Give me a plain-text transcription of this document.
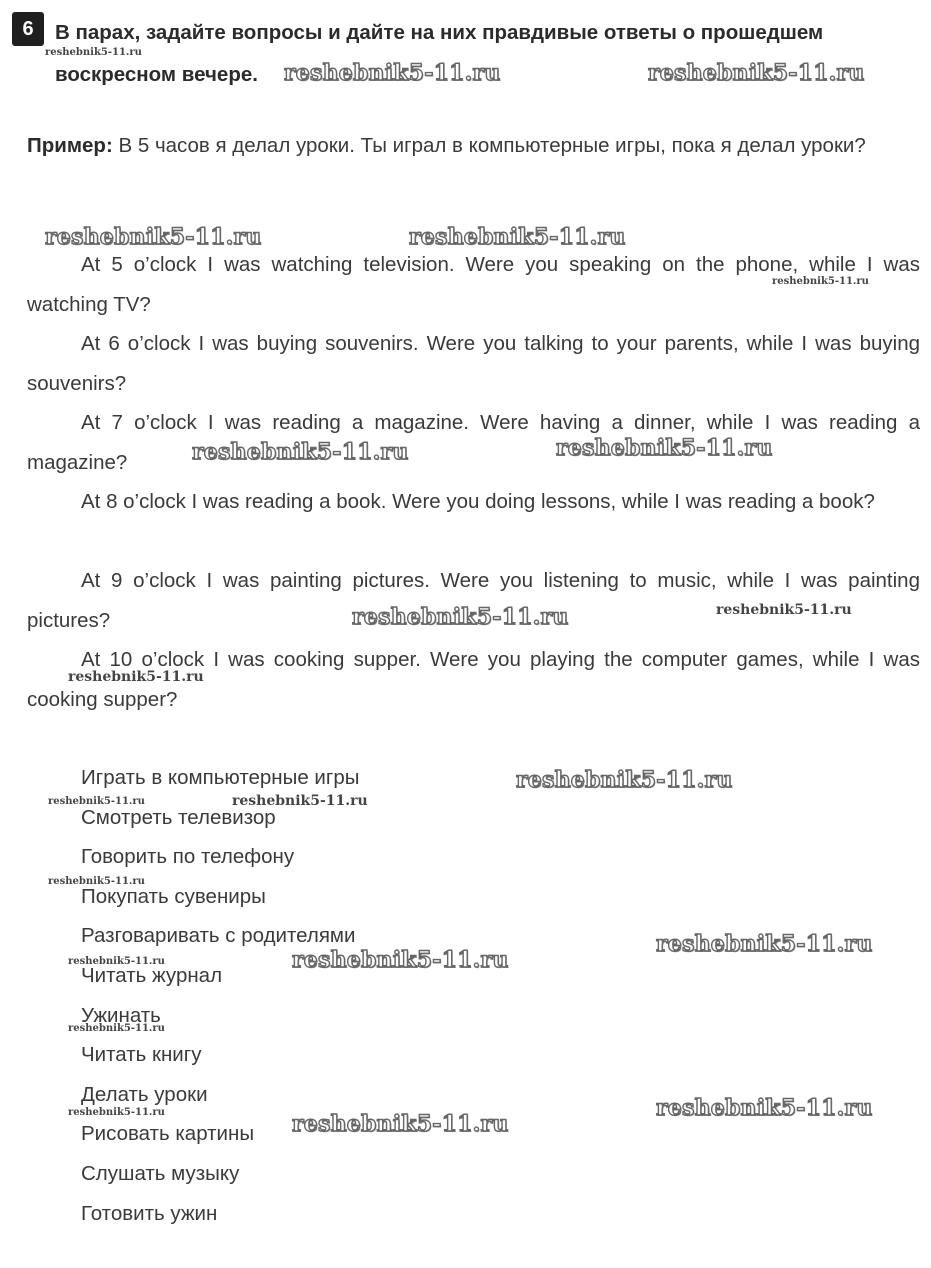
6	В парах, задайте вопросы и дайте на них правдивые ответы о прошедшем воскресном вечере.
Пример: В 5 часов я делал уроки. Ты играл в компьютерные игры, пока я делал уроки?
At 5 o’clock I was watching television. Were you speaking on the phone, while I was watching TV?
At 6 o’clock I was buying souvenirs. Were you talking to your parents, while I was buying souvenirs?
At 7 o’clock I was reading a magazine. Were having a dinner, while I was reading a magazine?
At 8 o’clock I was reading a book. Were you doing lessons, while I was reading a book?
At 9 o’clock I was painting pictures. Were you listening to music, while I was painting pictures?
At 10 o’clock I was cooking supper. Were you playing the computer games, while I was cooking supper?
Играть в компьютерные игры
Смотреть телевизор
Говорить по телефону
Покупать сувениры
Разговаривать с родителями
Читать журнал
Ужинать
Читать книгу
Делать уроки
Рисовать картины
Слушать музыку
Готовить ужин
reshebnik5-11.ru
reshebnik5-11.ru	reshebnik5-11.ru
reshebnik5-11.ru	reshebnik5-11.ru
reshebnik5-11.ru
reshebnik5-11.ru	reshebnik5-11.ru
reshebnik5-11.ru	reshebnik5-11.ru
reshebnik5-11.ru
reshebnik5-11.ru
reshebnik5-11.ru	reshebnik5-11.ru
reshebnik5-11.ru
reshebnik5-11.ru
reshebnik5-11.ru	reshebnik5-11.ru
reshebnik5-11.ru
reshebnik5-11.ru
reshebnik5-11.ru	reshebnik5-11.ru
